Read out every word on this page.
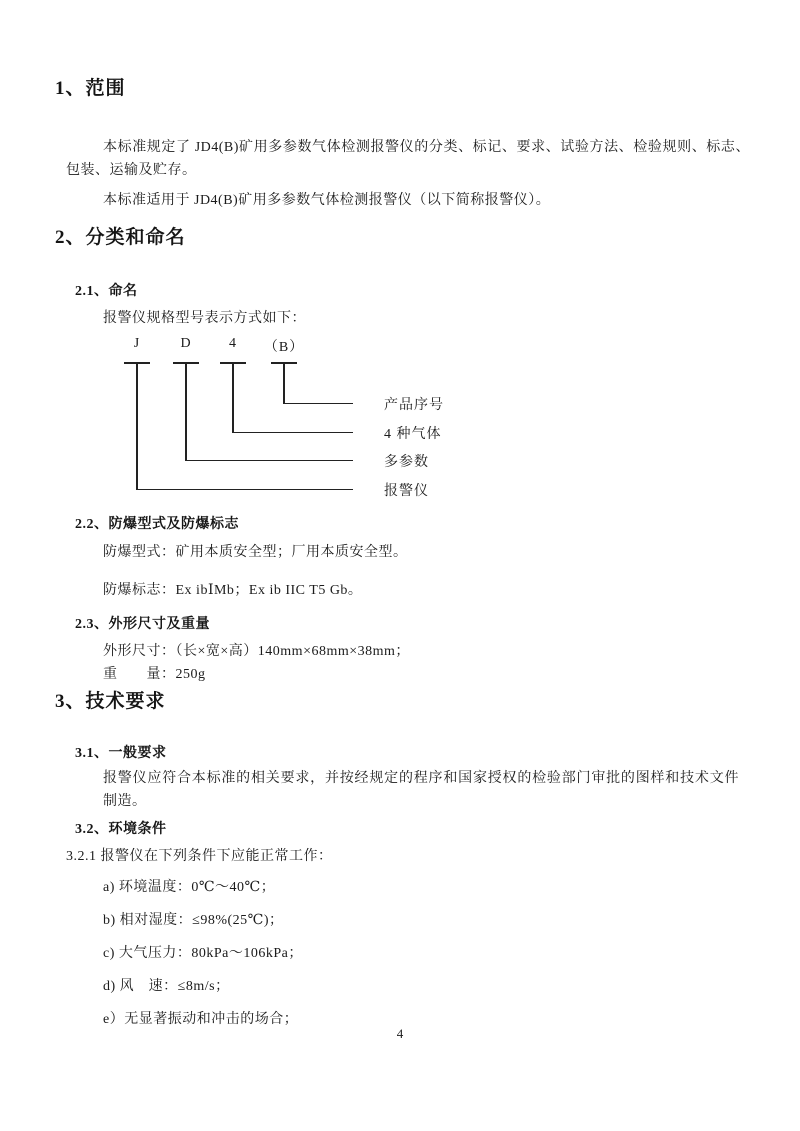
1、范围
本标准规定了 JD4(B)矿用多参数气体检测报警仪的分类、标记、要求、试验方法、检验规则、标志、包装、运输及贮存。
本标准适用于 JD4(B)矿用多参数气体检测报警仪（以下简称报警仪）。
2、分类和命名
2.1、命名
报警仪规格型号表示方式如下：
J	D	4	（B）
产品序号
4 种气体
多参数
报警仪
2.2、防爆型式及防爆标志
防爆型式：矿用本质安全型；厂用本质安全型。
防爆标志：Ex ibⅠMb；Ex ib IIC T5 Gb。
2.3、外形尺寸及重量
外形尺寸：（长×宽×高）140mm×68mm×38mm；
重　　量：250g
3、技术要求
3.1、一般要求
报警仪应符合本标准的相关要求，并按经规定的程序和国家授权的检验部门审批的图样和技术文件制造。
3.2、环境条件
3.2.1 报警仪在下列条件下应能正常工作：
a) 环境温度：0℃～40℃；
b) 相对湿度：≤98%(25℃)；
c) 大气压力：80kPa～106kPa；
d) 风　速：≤8m/s；
e）无显著振动和冲击的场合；
4
